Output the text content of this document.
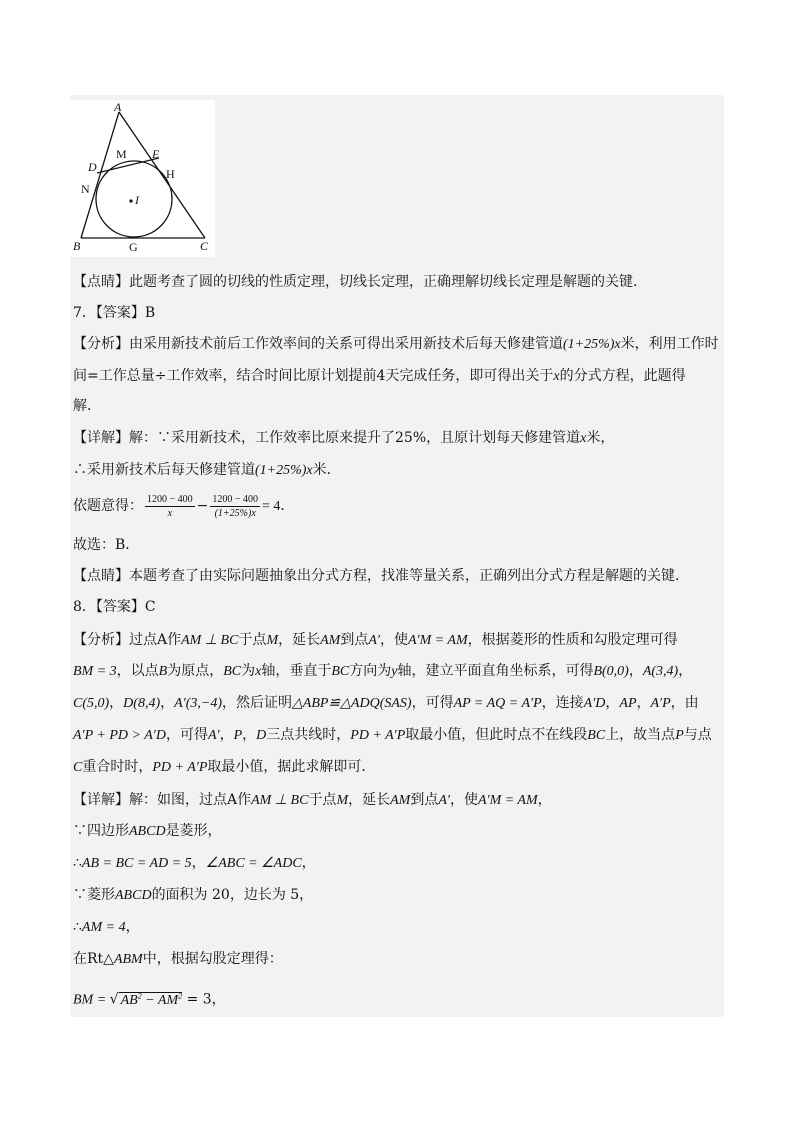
A
D
M E
N
H
I
B	G	C
【点睛】此题考查了圆的切线的性质定理，切线长定理，正确理解切线长定理是解题的关键．
7．【答案】B
【分析】由采用新技术前后工作效率间的关系可得出采用新技术后每天修建管道(1+25%)x米，利用工作时
间=工作总量÷工作效率，结合时间比原计划提前4天完成任务，即可得出关于x的分式方程，此题得
解．
【详解】解：∵采用新技术，工作效率比原来提升了25%，且原计划每天修建管道x米，
∴采用新技术后每天修建管道(1+25%)x米．
依题意得： $\frac{1200 - 400}{x} - \frac{1200 - 400}{(1+25\%)x} = 4$．
故选：B．
【点睛】本题考查了由实际问题抽象出分式方程，找准等量关系，正确列出分式方程是解题的关键．
8．【答案】C
【分析】过点A作AM ⊥ BC于点M，延长AM到点A′，使A′M = AM，根据菱形的性质和勾股定理可得
BM = 3，以点B为原点，BC为x轴，垂直于BC方向为y轴，建立平面直角坐标系，可得B(0,0)，A(3,4)，
C(5,0)，D(8,4)，A′(3,−4)，然后证明△ABP≌△ADQ(SAS)，可得AP = AQ = A′P，连接A′D，AP，A′P，由
A′P + PD > A′D，可得A′，P，D三点共线时，PD + A′P取最小值，但此时点不在线段BC上，故当点P与点
C重合时时，PD + A′P取最小值，据此求解即可．
【详解】解：如图，过点A作AM ⊥ BC于点M，延长AM到点A′，使A′M = AM，
∵四边形ABCD是菱形，
∴AB = BC = AD = 5，∠ABC = ∠ADC，
∵菱形ABCD的面积为 20，边长为 5，
∴AM = 4，
在Rt△ABM中，根据勾股定理得：
BM = √ $AB^2 - AM^2 = 3$，
